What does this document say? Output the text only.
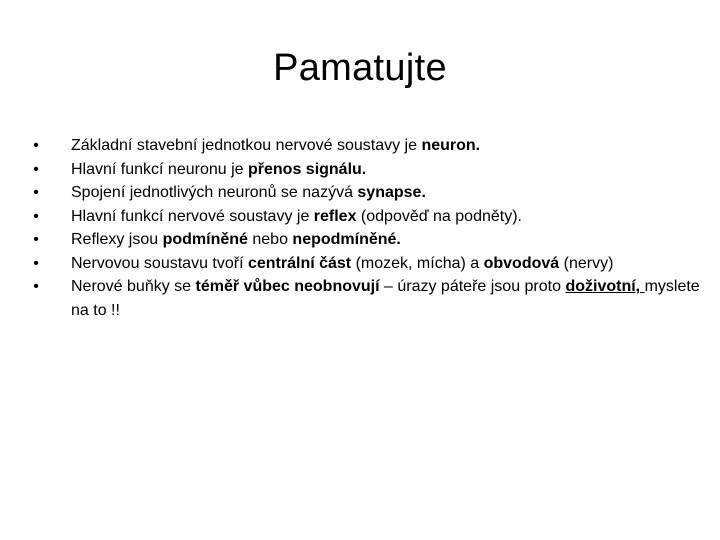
Pamatujte
• Základní stavební jednotkou nervové soustavy je neuron.
• Hlavní funkcí neuronu je přenos signálu.
• Spojení jednotlivých neuronů se nazývá synapse.
• Hlavní funkcí nervové soustavy je reflex (odpověď na podněty).
• Reflexy jsou podmíněné nebo nepodmíněné.
• Nervovou soustavu tvoří centrální část (mozek, mícha) a obvodová (nervy)
• Nerové buňky se téměř vůbec neobnovují – úrazy páteře jsou proto doživotní, myslete na to !!
